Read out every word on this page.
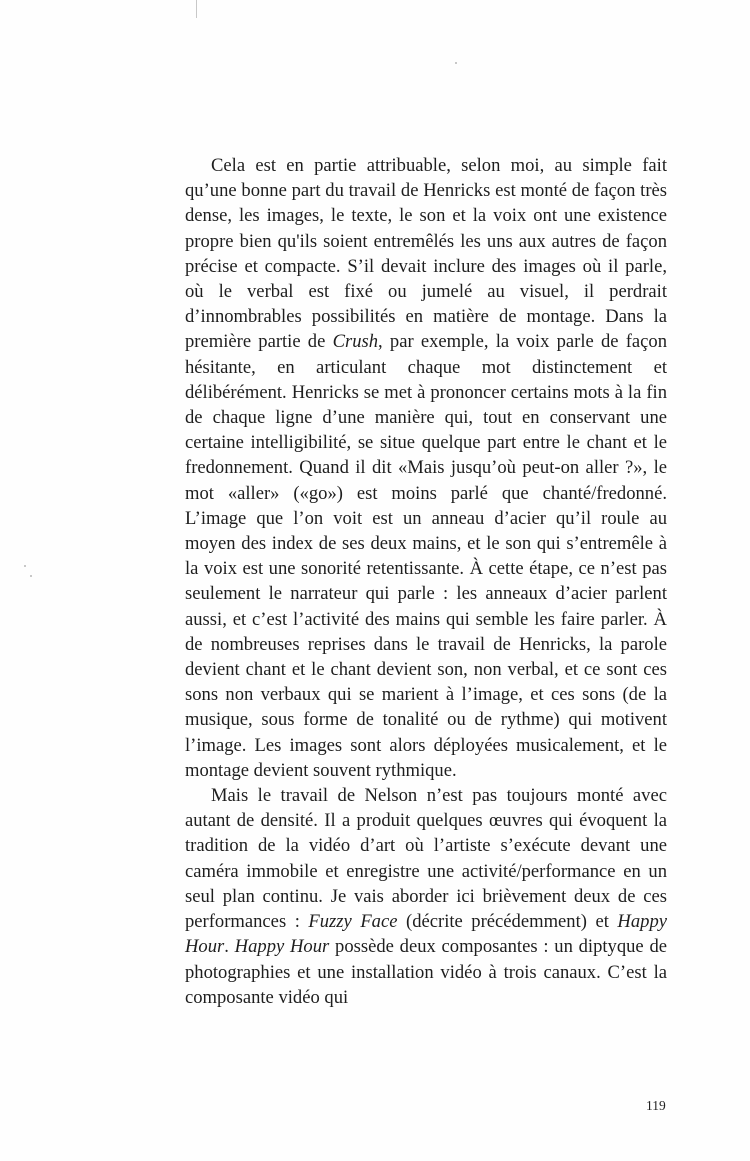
Cela est en partie attribuable, selon moi, au simple fait qu’une bonne part du travail de Henricks est monté de façon très dense, les images, le texte, le son et la voix ont une existence propre bien qu'ils soient entremêlés les uns aux autres de façon précise et compacte. S’il devait inclure des images où il parle, où le verbal est fixé ou jumelé au visuel, il perdrait d’innombrables possibilités en matière de montage. Dans la première partie de Crush, par exemple, la voix parle de façon hésitante, en articulant chaque mot distinctement et délibérément. Henricks se met à prononcer certains mots à la fin de chaque ligne d’une manière qui, tout en conservant une certaine intelligibilité, se situe quelque part entre le chant et le fredonnement. Quand il dit «Mais jusqu’où peut-on aller ?», le mot «aller» («go») est moins parlé que chanté/fredonné. L’image que l’on voit est un anneau d’acier qu’il roule au moyen des index de ses deux mains, et le son qui s’entremêle à la voix est une sonorité retentissante. À cette étape, ce n’est pas seulement le narrateur qui parle : les anneaux d’acier parlent aussi, et c’est l’activité des mains qui semble les faire parler. À de nombreuses reprises dans le travail de Henricks, la parole devient chant et le chant devient son, non verbal, et ce sont ces sons non verbaux qui se marient à l’image, et ces sons (de la musique, sous forme de tonalité ou de rythme) qui motivent l’image. Les images sont alors déployées musicalement, et le montage devient souvent rythmique.

Mais le travail de Nelson n’est pas toujours monté avec autant de densité. Il a produit quelques œuvres qui évoquent la tradition de la vidéo d’art où l’artiste s’exécute devant une caméra immobile et enregistre une activité/performance en un seul plan continu. Je vais aborder ici brièvement deux de ces performances : Fuzzy Face (décrite précédemment) et Happy Hour. Happy Hour possède deux composantes : un diptyque de photographies et une installation vidéo à trois canaux. C’est la composante vidéo qui

119
